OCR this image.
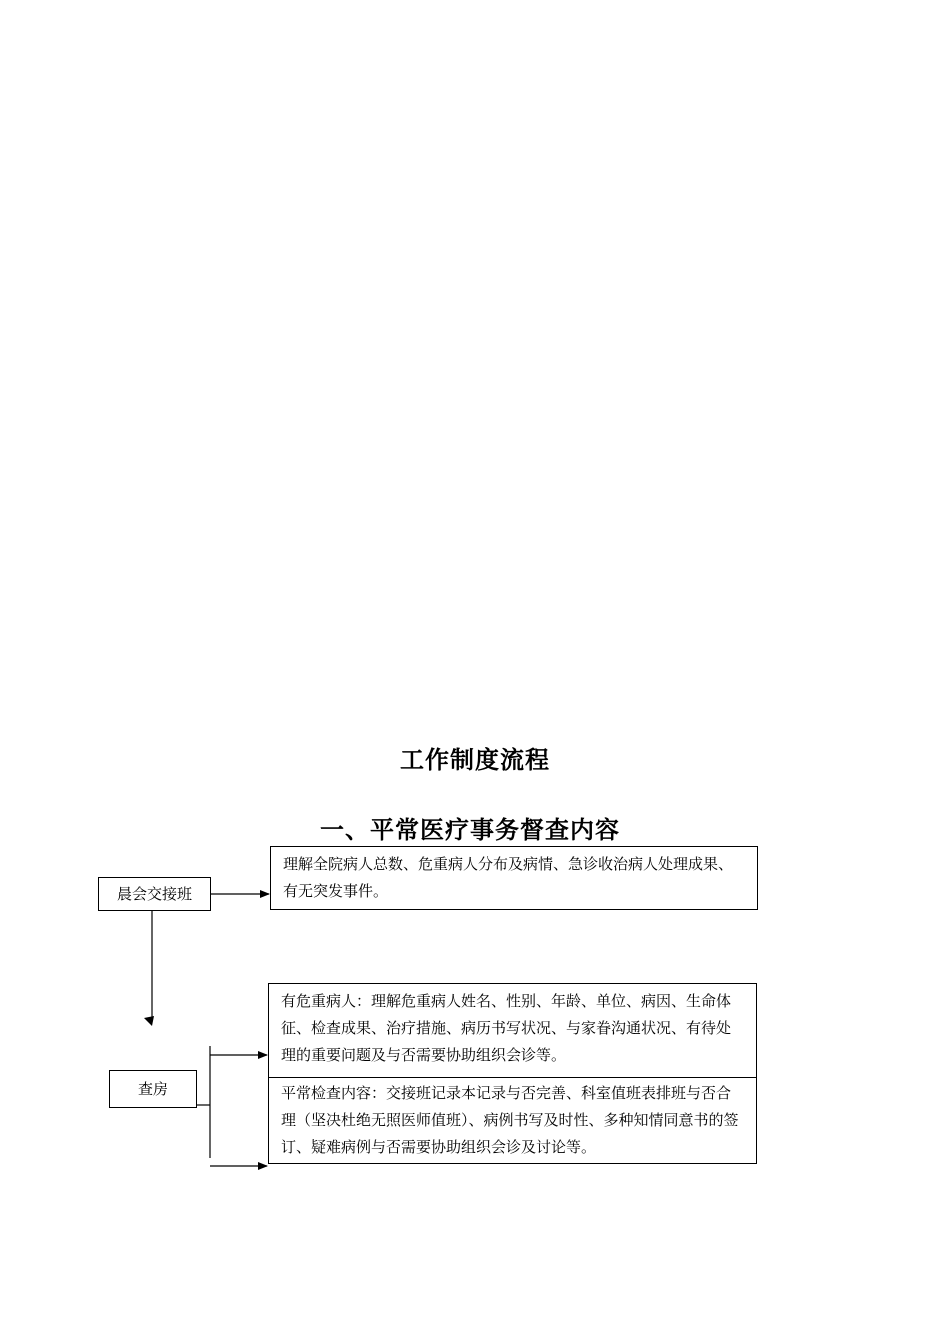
工作制度流程
一、平常医疗事务督查内容
晨会交接班
理解全院病人总数、危重病人分布及病情、急诊收治病人处理成果、有无突发事件。
查房
有危重病人：理解危重病人姓名、性别、年龄、单位、病因、生命体征、检查成果、治疗措施、病历书写状况、与家眷沟通状况、有待处理的重要问题及与否需要协助组织会诊等。
平常检查内容：交接班记录本记录与否完善、科室值班表排班与否合理（坚决杜绝无照医师值班）、病例书写及时性、多种知情同意书的签订、疑难病例与否需要协助组织会诊及讨论等。
